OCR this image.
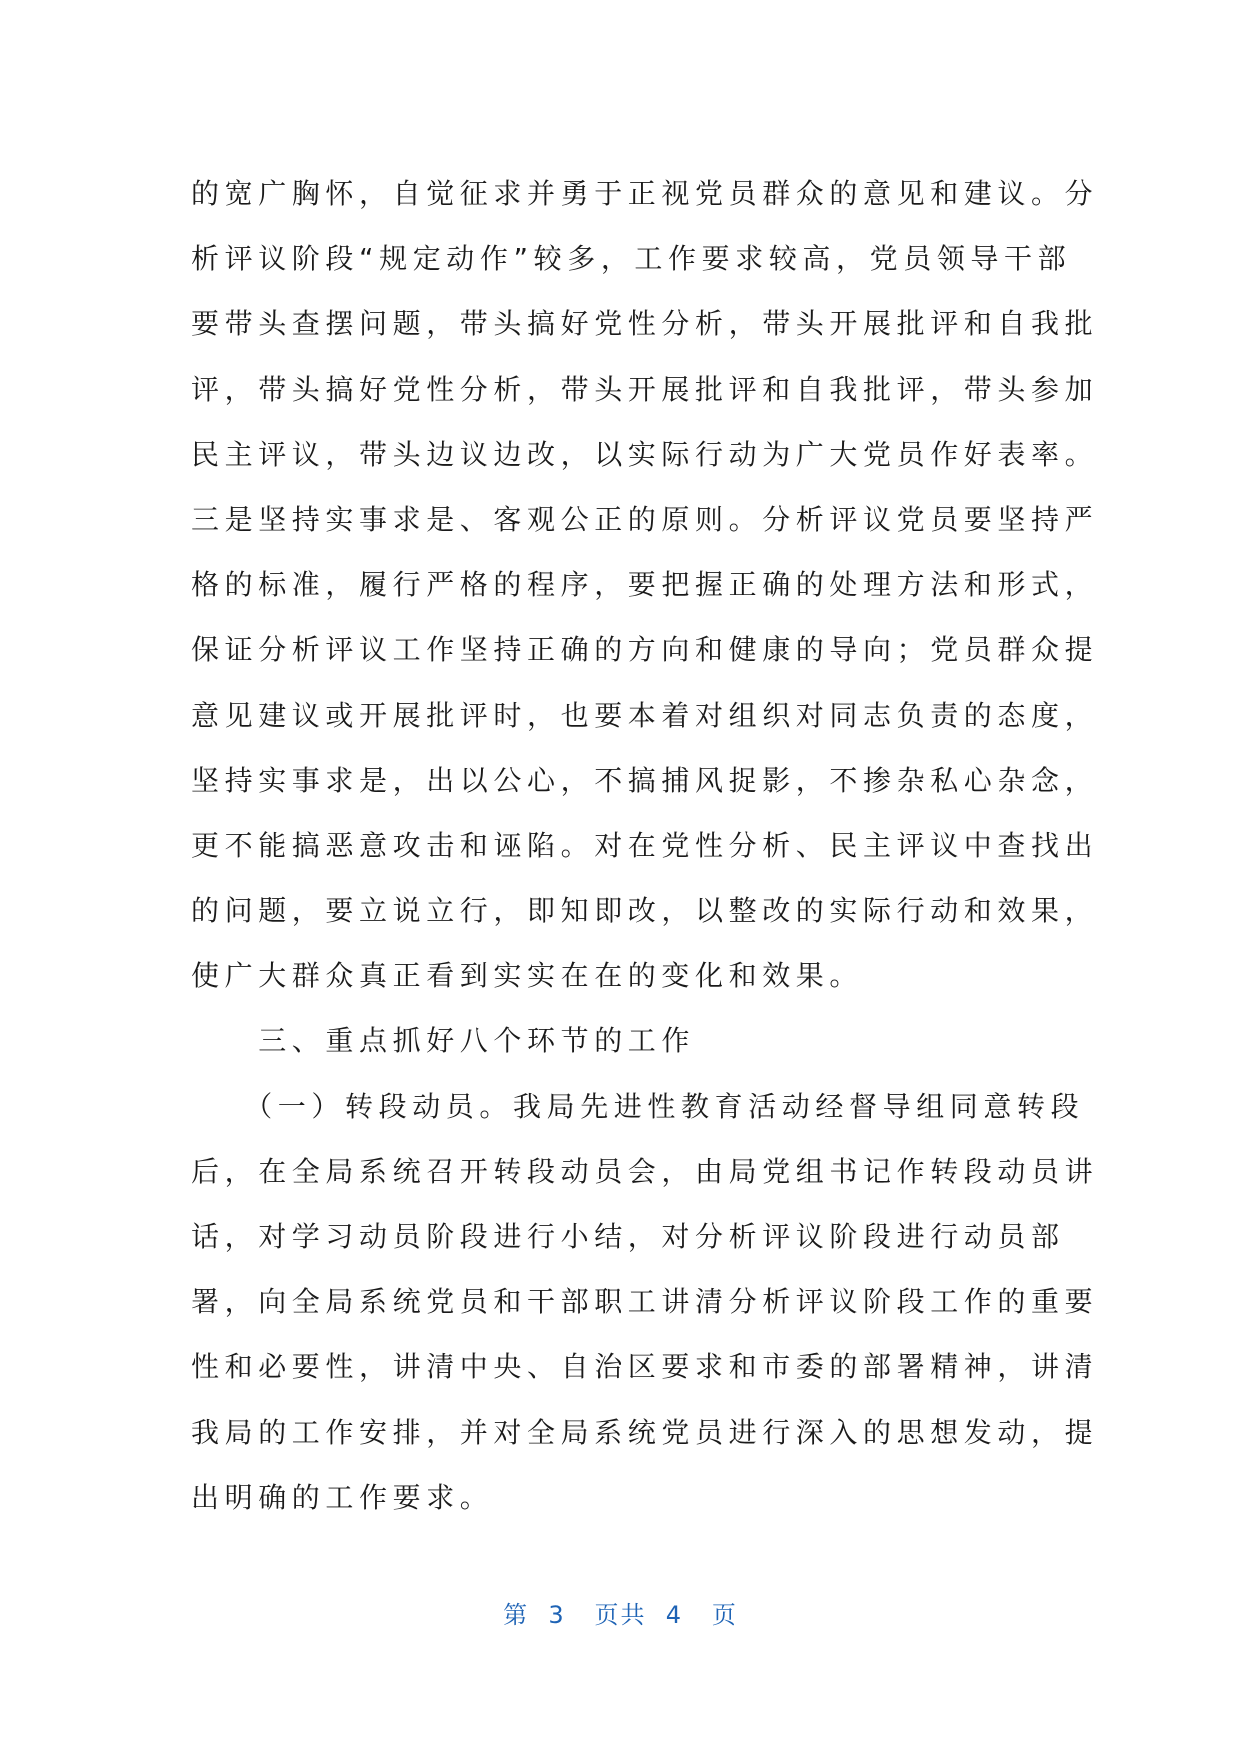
的宽广胸怀，自觉征求并勇于正视党员群众的意见和建议。分
析评议阶段“规定动作”较多，工作要求较高，党员领导干部
要带头查摆问题，带头搞好党性分析，带头开展批评和自我批
评，带头搞好党性分析，带头开展批评和自我批评，带头参加
民主评议，带头边议边改，以实际行动为广大党员作好表率。
三是坚持实事求是、客观公正的原则。分析评议党员要坚持严
格的标准，履行严格的程序，要把握正确的处理方法和形式，
保证分析评议工作坚持正确的方向和健康的导向；党员群众提
意见建议或开展批评时，也要本着对组织对同志负责的态度，
坚持实事求是，出以公心，不搞捕风捉影，不掺杂私心杂念，
更不能搞恶意攻击和诬陷。对在党性分析、民主评议中查找出
的问题，要立说立行，即知即改，以整改的实际行动和效果，
使广大群众真正看到实实在在的变化和效果。
　　三、重点抓好八个环节的工作
　　（一）转段动员。我局先进性教育活动经督导组同意转段
后，在全局系统召开转段动员会，由局党组书记作转段动员讲
话，对学习动员阶段进行小结，对分析评议阶段进行动员部
署，向全局系统党员和干部职工讲清分析评议阶段工作的重要
性和必要性，讲清中央、自治区要求和市委的部署精神，讲清
我局的工作安排，并对全局系统党员进行深入的思想发动，提
出明确的工作要求。
第  3   页共  4   页
